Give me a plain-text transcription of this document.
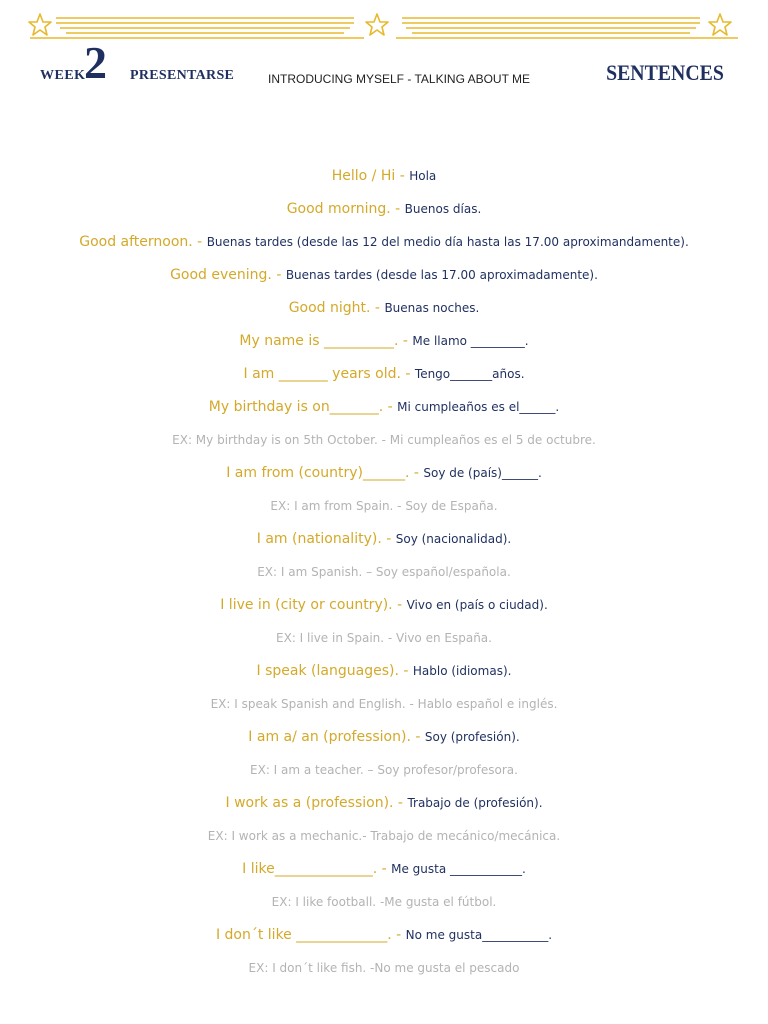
WEEK
2 PRESENTARSE	INTRODUCING MYSELF - TALKING ABOUT ME	SENTENCES
Hello / Hi - Hola
Good morning. - Buenos días.
Good afternoon. - Buenas tardes (desde las 12 del medio día hasta las 17.00 aproximandamente).
Good evening. - Buenas tardes (desde las 17.00 aproximadamente).
Good night. - Buenas noches.
My name is __________. - Me llamo _________.
I am _______ years old. - Tengo_______años.
My birthday is on_______. - Mi cumpleaños es el______.
EX: My birthday is on 5th October. - Mi cumpleaños es el 5 de octubre.
I am from (country)______. - Soy de (país)______.
EX: I am from Spain. - Soy de España.
I am (nationality). - Soy (nacionalidad).
EX: I am Spanish. – Soy español/española.
I live in (city or country). - Vivo en (país o ciudad).
EX: I live in Spain. - Vivo en España.
I speak (languages). - Hablo (idiomas).
EX: I speak Spanish and English. - Hablo español e inglés.
I am a/ an (profession). - Soy (profesión).
EX: I am a teacher. – Soy profesor/profesora.
I work as a (profession). - Trabajo de (profesión).
EX: I work as a mechanic.- Trabajo de mecánico/mecánica.
I like______________. - Me gusta ____________.
EX: I like football. -Me gusta el fútbol.
I don´t like _____________. - No me gusta___________.
EX: I don´t like fish. -No me gusta el pescado
